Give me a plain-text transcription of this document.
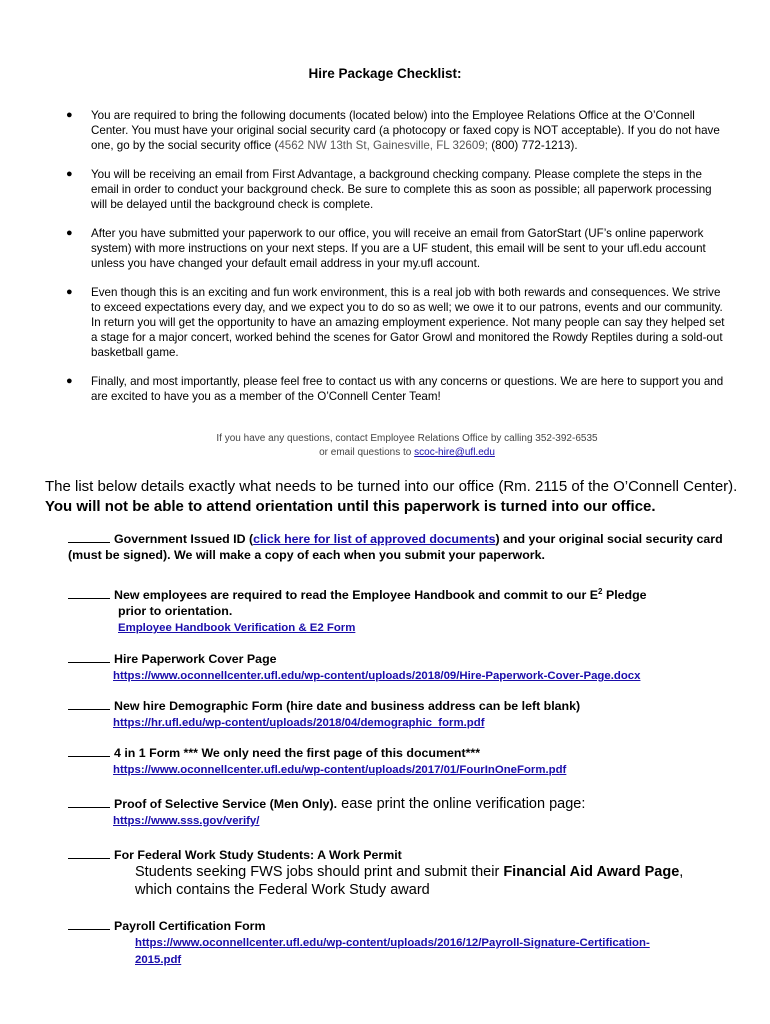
Hire Package Checklist:
● You are required to bring the following documents (located below) into the Employee Relations Office at the O’Connell Center. You must have your original social security card (a photocopy or faxed copy is NOT acceptable). If you do not have one, go by the social security office (4562 NW 13th St, Gainesville, FL 32609; (800) 772-1213).
● You will be receiving an email from First Advantage, a background checking company. Please complete the steps in the email in order to conduct your background check. Be sure to complete this as soon as possible; all paperwork processing will be delayed until the background check is complete.
● After you have submitted your paperwork to our office, you will receive an email from GatorStart (UF’s online paperwork system) with more instructions on your next steps. If you are a UF student, this email will be sent to your ufl.edu account unless you have changed your default email address in your my.ufl account.
● Even though this is an exciting and fun work environment, this is a real job with both rewards and consequences. We strive to exceed expectations every day, and we expect you to do so as well; we owe it to our patrons, events and our community. In return you will get the opportunity to have an amazing employment experience. Not many people can say they helped set a stage for a major concert, worked behind the scenes for Gator Growl and monitored the Rowdy Reptiles during a sold-out basketball game.
● Finally, and most importantly, please feel free to contact us with any concerns or questions. We are here to support you and are excited to have you as a member of the O’Connell Center Team!
If you have any questions, contact Employee Relations Office by calling 352-392-6535
or email questions to scoc-hire@ufl.edu
The list below details exactly what needs to be turned into our office (Rm. 2115 of the O’Connell Center). You will not be able to attend orientation until this paperwork is turned into our office.
Government Issued ID (click here for list of approved documents) and your original social security card (must be signed). We will make a copy of each when you submit your paperwork.
New employees are required to read the Employee Handbook and commit to our $E^2$ Pledge
prior to orientation.
Employee Handbook Verification & E2 Form
Hire Paperwork Cover Page
https://www.oconnellcenter.ufl.edu/wp-content/uploads/2018/09/Hire-Paperwork-Cover-Page.docx
New hire Demographic Form (hire date and business address can be left blank)
https://hr.ufl.edu/wp-content/uploads/2018/04/demographic_form.pdf
4 in 1 Form *** We only need the first page of this document***
https://www.oconnellcenter.ufl.edu/wp-content/uploads/2017/01/FourInOneForm.pdf
Proof of Selective Service (Men Only). ease print the online verification page:
https://www.sss.gov/verify/
For Federal Work Study Students: A Work Permit
Students seeking FWS jobs should print and submit their Financial Aid Award Page,
which contains the Federal Work Study award
Payroll Certification Form
https://www.oconnellcenter.ufl.edu/wp-content/uploads/2016/12/Payroll-Signature-Certification-
2015.pdf
